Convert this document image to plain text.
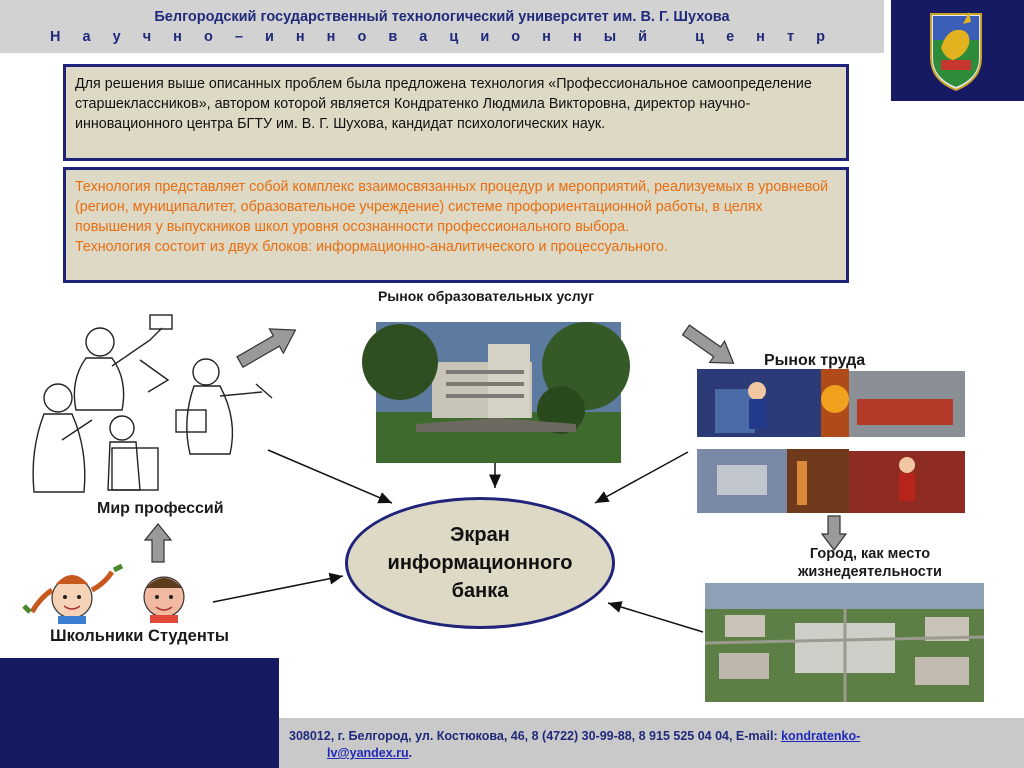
Белгородский государственный технологический университет им. В. Г. Шухова
Н а у ч н о – и н н о в а ц и о н н ы й   ц е н т р
Для решения выше описанных проблем была предложена технология «Профессиональное самоопределение старшеклассников», автором которой является Кондратенко Людмила Викторовна, директор научно-инновационного центра БГТУ им. В. Г. Шухова, кандидат психологических наук.
Технология представляет собой комплекс взаимосвязанных процедур и мероприятий, реализуемых в уровневой (регион, муниципалитет, образовательное учреждение) системе профориентационной работы, в целях повышения у выпускников школ уровня осознанности профессионального выбора.
Технология состоит из двух блоков: информационно-аналитического и процессуального.
Рынок образовательных услуг
Рынок труда
Мир профессий
Город, как место жизнедеятельности
Школьники Студенты
Экран информационного банка
308012, г. Белгород, ул. Костюкова, 46, 8 (4722) 30-99-88, 8 915 525 04 04, E-mail: kondratenko-
lv@yandex.ru.
